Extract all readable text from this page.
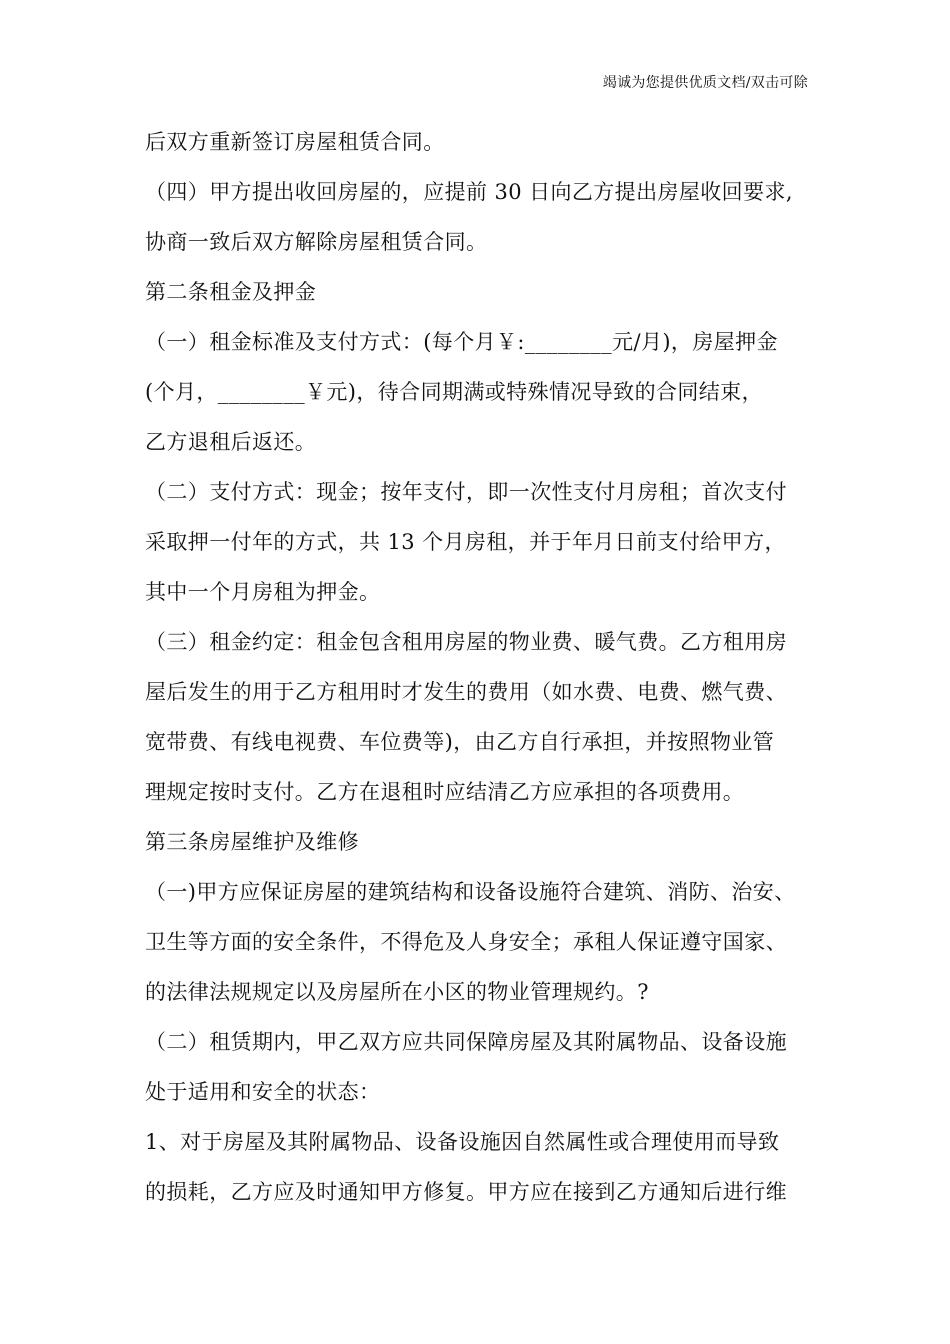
竭诚为您提供优质文档/双击可除
后双方重新签订房屋租赁合同。
（四）甲方提出收回房屋的，应提前 30 日向乙方提出房屋收回要求,
协商一致后双方解除房屋租赁合同。
第二条租金及押金
（一）租金标准及支付方式：(每个月￥:________元/月)，房屋押金
(个月，________￥元)，待合同期满或特殊情况导致的合同结束，
乙方退租后返还。
（二）支付方式：现金；按年支付，即一次性支付月房租；首次支付
采取押一付年的方式，共 13 个月房租，并于年月日前支付给甲方，
其中一个月房租为押金。
（三）租金约定：租金包含租用房屋的物业费、暖气费。乙方租用房
屋后发生的用于乙方租用时才发生的费用（如水费、电费、燃气费、
宽带费、有线电视费、车位费等)，由乙方自行承担，并按照物业管
理规定按时支付。乙方在退租时应结清乙方应承担的各项费用。
第三条房屋维护及维修
（一)甲方应保证房屋的建筑结构和设备设施符合建筑、消防、治安、
卫生等方面的安全条件，不得危及人身安全；承租人保证遵守国家、
的法律法规规定以及房屋所在小区的物业管理规约。?
（二）租赁期内，甲乙双方应共同保障房屋及其附属物品、设备设施
处于适用和安全的状态：
1、对于房屋及其附属物品、设备设施因自然属性或合理使用而导致
的损耗，乙方应及时通知甲方修复。甲方应在接到乙方通知后进行维
